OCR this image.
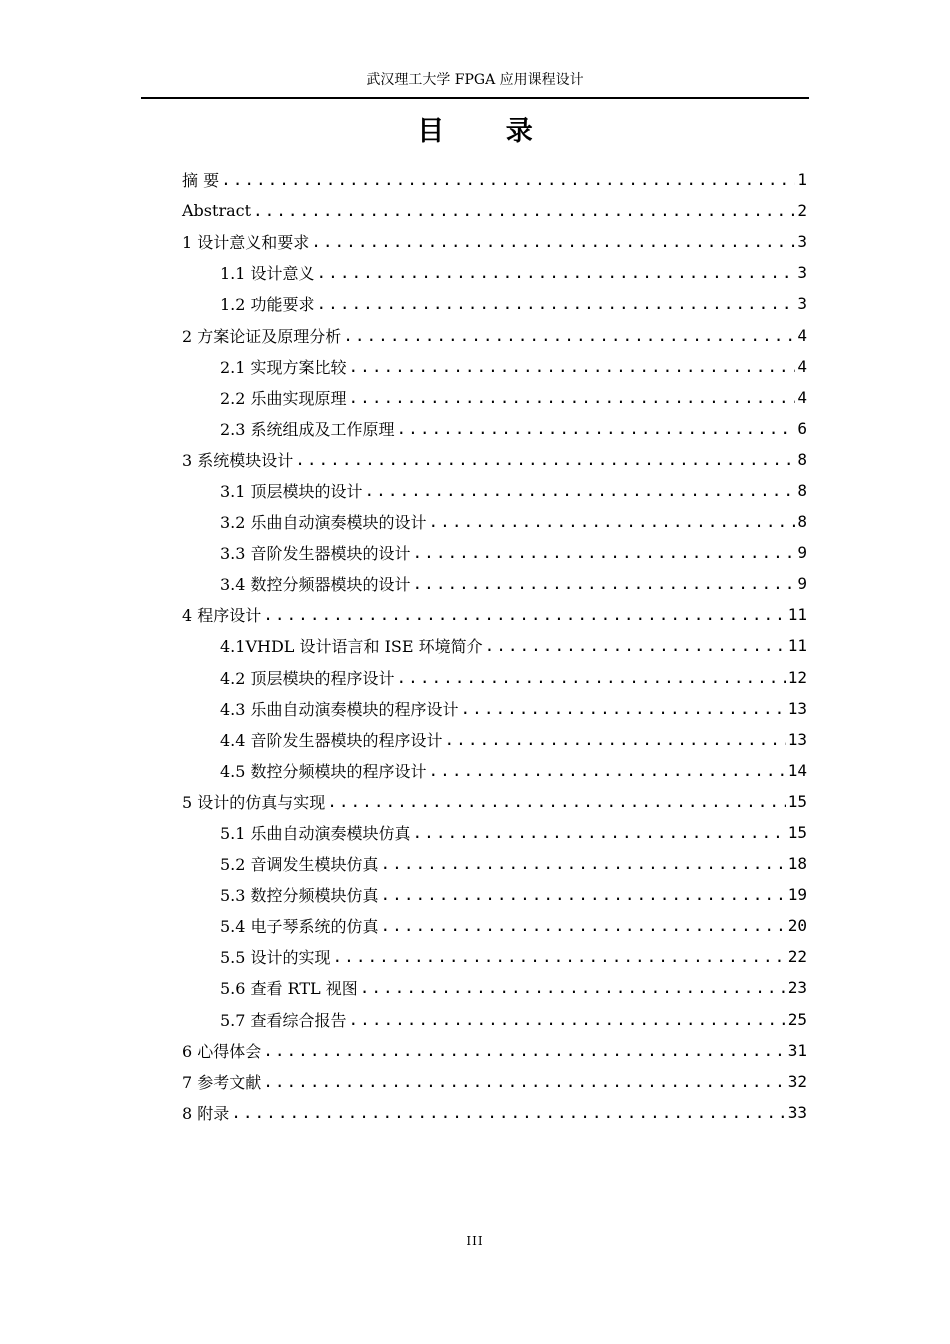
武汉理工大学 FPGA 应用课程设计
目 录
摘 要 .....	1
Abstract .....	2
1 设计意义和要求 .....	3
1.1 设计意义 .....	3
1.2 功能要求 .....	3
2 方案论证及原理分析 .....	4
2.1 实现方案比较 .....	4
2.2 乐曲实现原理 .....	4
2.3 系统组成及工作原理 .....	6
3 系统模块设计 .....	8
3.1 顶层模块的设计 .....	8
3.2 乐曲自动演奏模块的设计 .....	8
3.3 音阶发生器模块的设计 .....	9
3.4 数控分频器模块的设计 .....	9
4 程序设计 .....	11
4.1VHDL 设计语言和 ISE 环境简介 .....	11
4.2 顶层模块的程序设计 .....	12
4.3 乐曲自动演奏模块的程序设计 .....	13
4.4 音阶发生器模块的程序设计 .....	13
4.5 数控分频模块的程序设计 .....	14
5 设计的仿真与实现 .....	15
5.1 乐曲自动演奏模块仿真 .....	15
5.2 音调发生模块仿真 .....	18
5.3 数控分频模块仿真 .....	19
5.4 电子琴系统的仿真 .....	20
5.5 设计的实现 .....	22
5.6 查看 RTL 视图 .....	23
5.7 查看综合报告 .....	25
6 心得体会 .....	31
7 参考文献 .....	32
8 附录 .....	33
III
